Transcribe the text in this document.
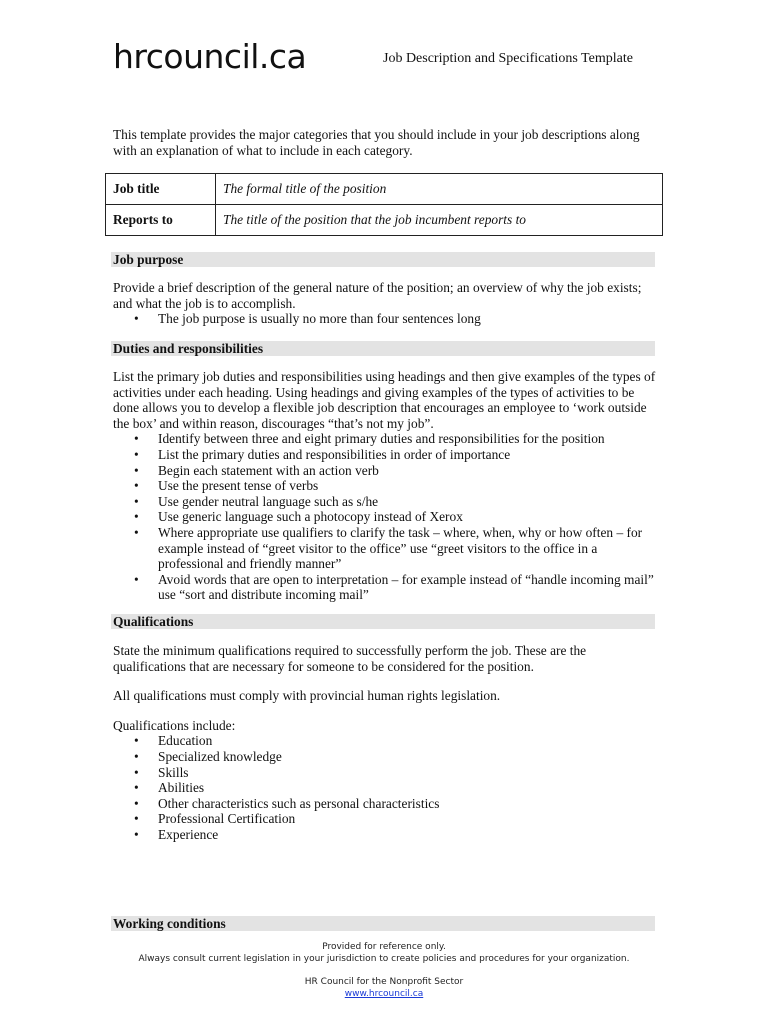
hrcouncil.ca	Job Description and Specifications Template

This template provides the major categories that you should include in your job descriptions along with an explanation of what to include in each category.

Job title	The formal title of the position
Reports to	The title of the position that the job incumbent reports to
Job purpose

Provide a brief description of the general nature of the position; an overview of why the job exists; and what the job is to accomplish.

• The job purpose is usually no more than four sentences long
Duties and responsibilities

List the primary job duties and responsibilities using headings and then give examples of the types of activities under each heading. Using headings and giving examples of the types of activities to be done allows you to develop a flexible job description that encourages an employee to ‘work outside the box’ and within reason, discourages “that’s not my job”.

• Identify between three and eight primary duties and responsibilities for the position
• List the primary duties and responsibilities in order of importance
• Begin each statement with an action verb
• Use the present tense of verbs
• Use gender neutral language such as s/he
• Use generic language such a photocopy instead of Xerox
• Where appropriate use qualifiers to clarify the task – where, when, why or how often – for example instead of “greet visitor to the office” use “greet visitors to the office in a professional and friendly manner”
• Avoid words that are open to interpretation – for example instead of “handle incoming mail” use “sort and distribute incoming mail”
Qualifications

State the minimum qualifications required to successfully perform the job. These are the qualifications that are necessary for someone to be considered for the position.

All qualifications must comply with provincial human rights legislation.

Qualifications include:

• Education
• Specialized knowledge
• Skills
• Abilities
• Other characteristics such as personal characteristics
• Professional Certification
• Experience
Working conditions
Provided for reference only.
Always consult current legislation in your jurisdiction to create policies and procedures for your organization.
HR Council for the Nonprofit Sector
www.hrcouncil.ca
